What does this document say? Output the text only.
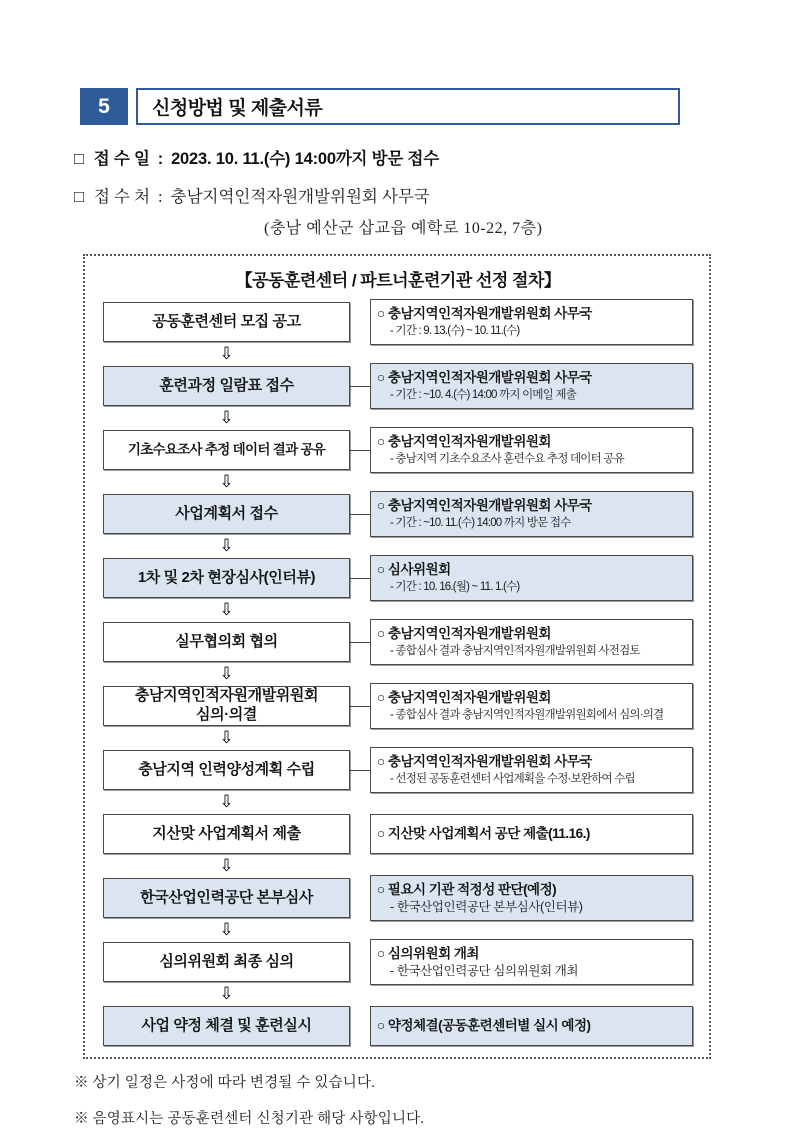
5 신청방법 및 제출서류
□ 접 수 일 : 2023. 10. 11.(수) 14:00까지 방문 접수
□ 접 수 처 : 충남지역인적자원개발위원회 사무국
(충남 예산군 삽교읍 예학로 10-22, 7층)
【공동훈련센터 / 파트너훈련기관 선정 절차】
공동훈련센터 모집 공고	○ 충남지역인적자원개발위원회 사무국
- 기간 : 9. 13.(수) ~ 10. 11.(수)
⇩
훈련과정 일람표 접수	○ 충남지역인적자원개발위원회 사무국
- 기간 : ~10. 4.(수) 14:00 까지 이메일 제출
⇩
기초수요조사 추정 데이터 결과 공유	○ 충남지역인적자원개발위원회
- 충남지역 기초수요조사 훈련수요 추정 데이터 공유
⇩
사업계획서 접수	○ 충남지역인적자원개발위원회 사무국
- 기간 : ~10. 11.(수) 14:00 까지 방문 접수
⇩
1차 및 2차 현장심사(인터뷰)	○ 심사위원회
- 기간 : 10. 16.(월) ~ 11. 1.(수)
⇩
실무협의회 협의	○ 충남지역인적자원개발위원회
- 종합심사 결과 충남지역인적자원개발위원회 사전검토
⇩
충남지역인적자원개발위원회
심의·의결
○ 충남지역인적자원개발위원회
- 종합심사 결과 충남지역인적자원개발위원회에서 심의·의결
⇩
충남지역 인력양성계획 수립	○ 충남지역인적자원개발위원회 사무국
- 선정된 공동훈련센터 사업계획을 수정·보완하여 수립
⇩
지산맞 사업계획서 제출	○ 지산맞 사업계획서 공단 제출(11.16.)
⇩
한국산업인력공단 본부심사	○ 필요시 기관 적정성 판단(예정)
- 한국산업인력공단 본부심사(인터뷰)
⇩
심의위원회 최종 심의	○ 심의위원회 개최
- 한국산업인력공단 심의위원회 개최
⇩
사업 약정 체결 및 훈련실시	○ 약정체결(공동훈련센터별 실시 예정)
※ 상기 일정은 사정에 따라 변경될 수 있습니다.
※ 음영표시는 공동훈련센터 신청기관 해당 사항입니다.
